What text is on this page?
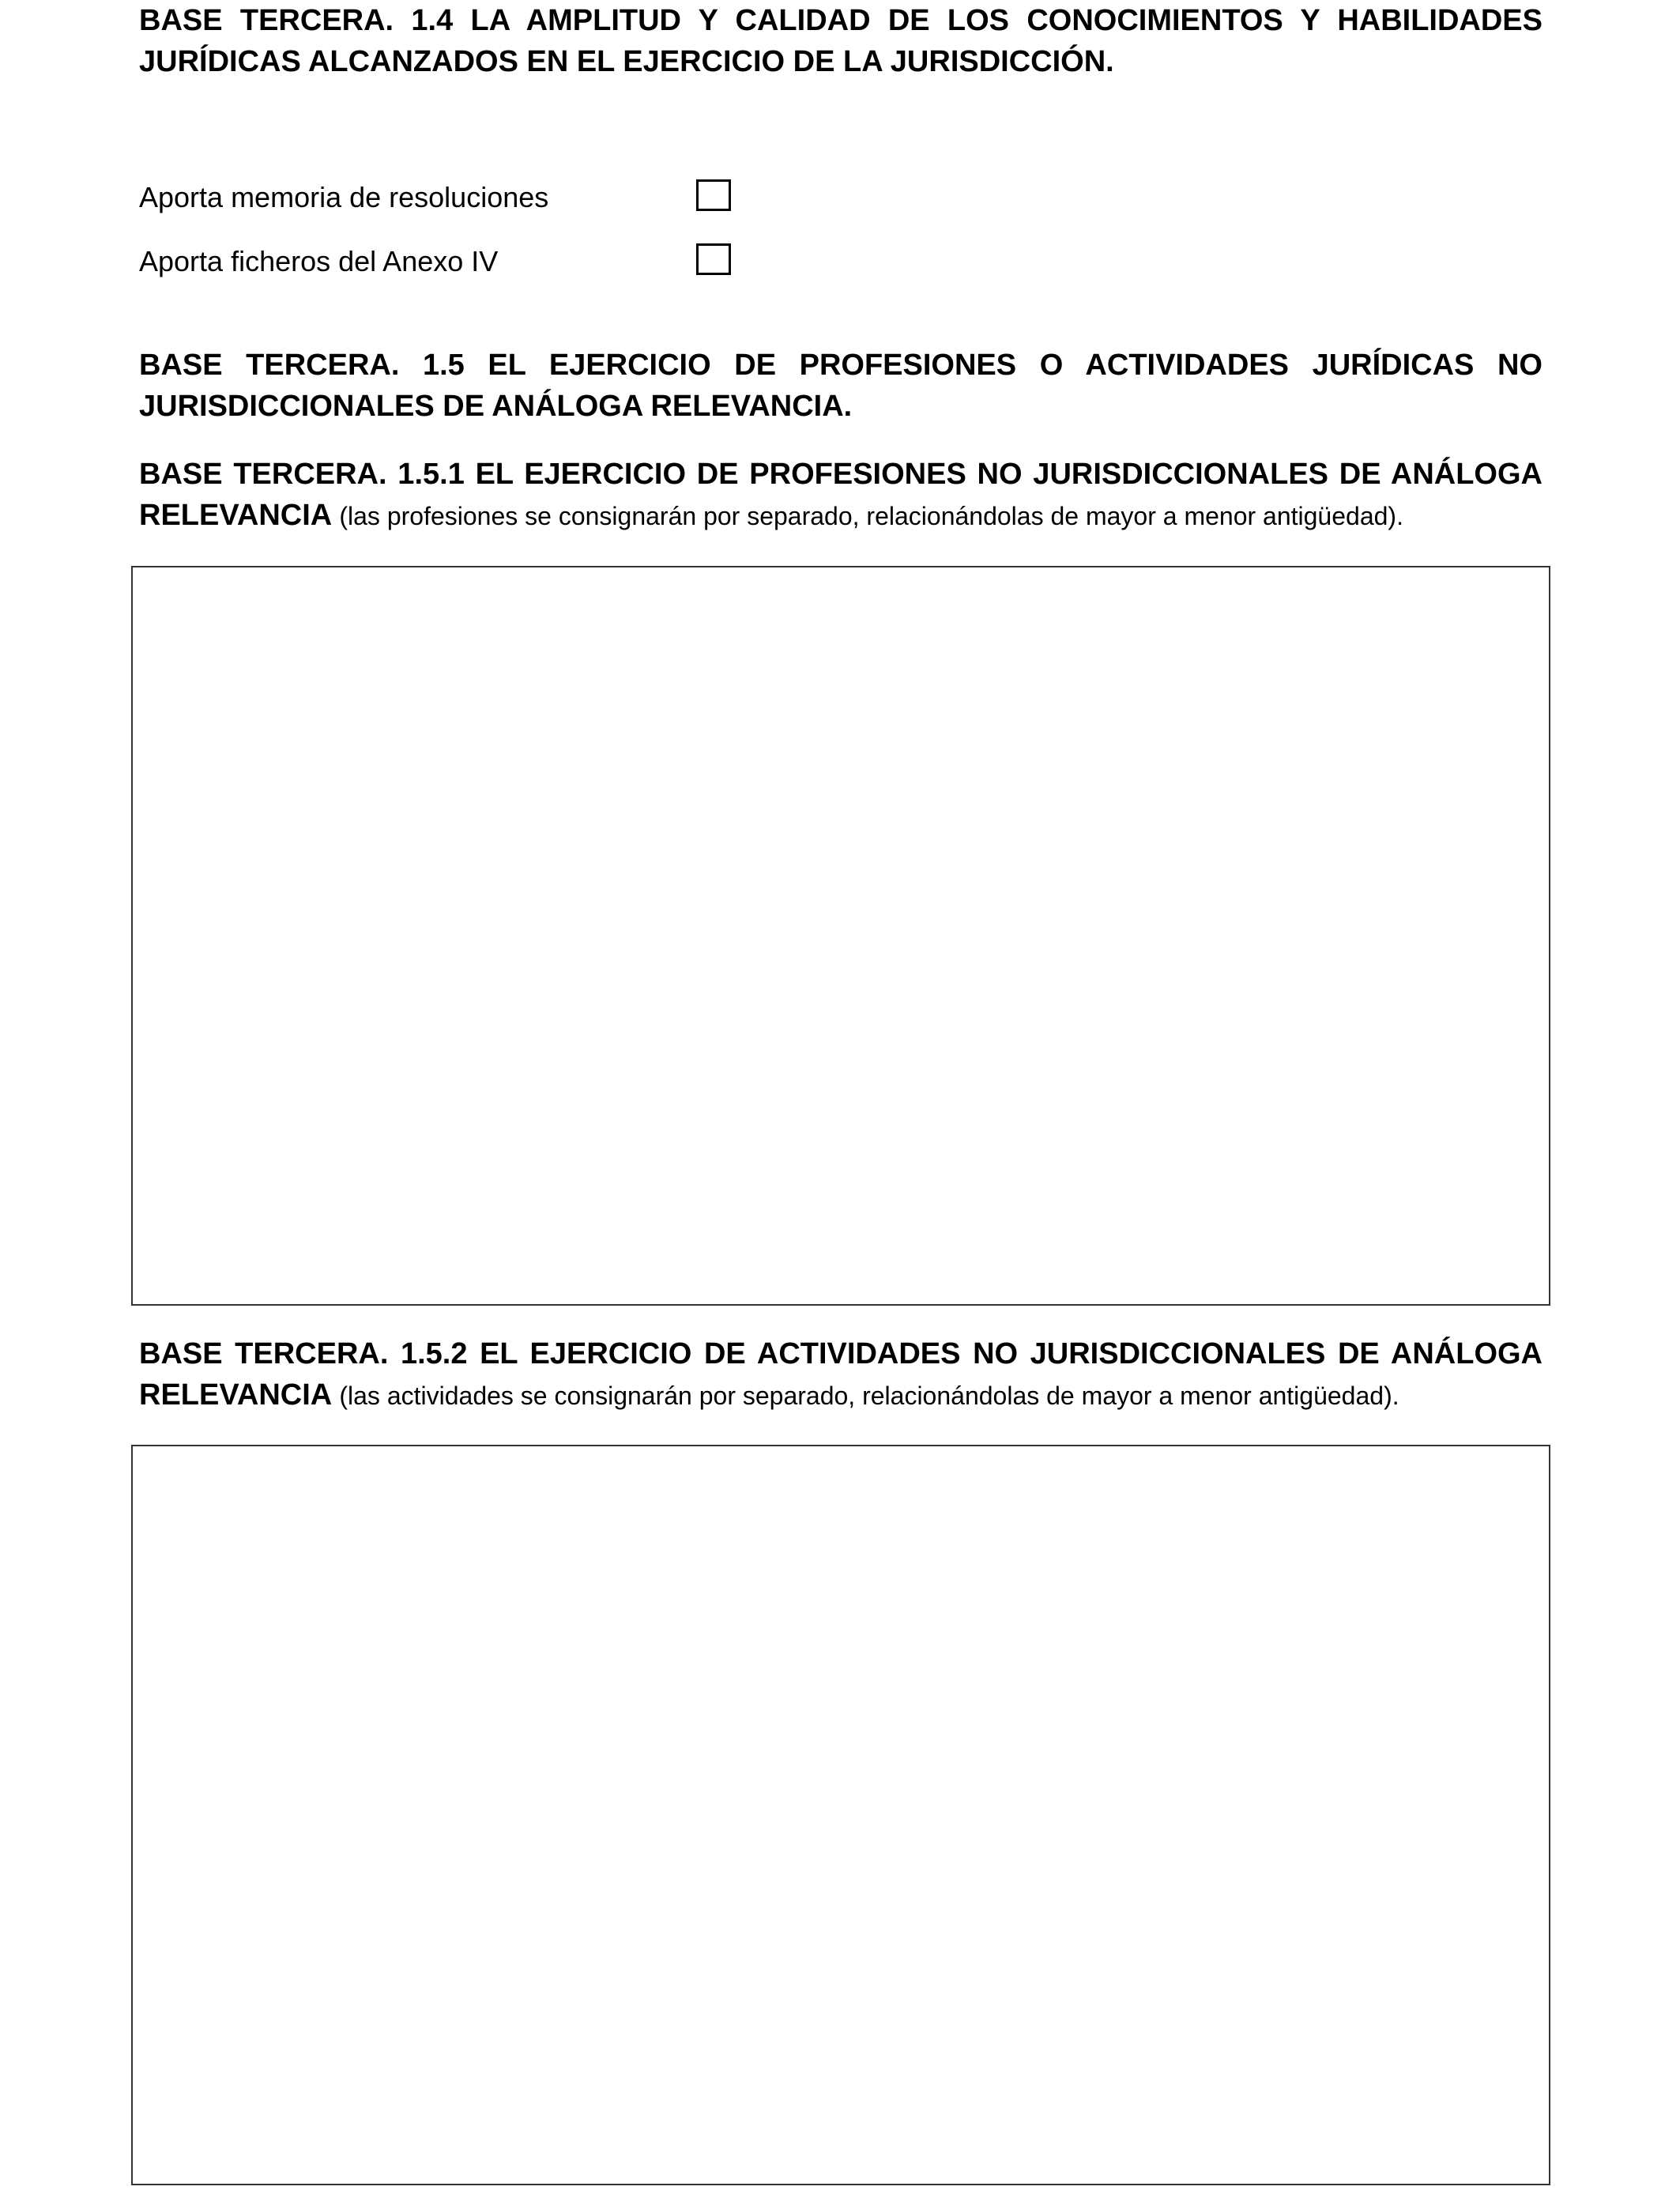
BASE TERCERA. 1.4 LA AMPLITUD Y CALIDAD DE LOS CONOCIMIENTOS Y HABILIDADES JURÍDICAS ALCANZADOS EN EL EJERCICIO DE LA JURISDICCIÓN.

Aporta memoria de resoluciones
Aporta ficheros del Anexo IV

BASE TERCERA. 1.5 EL EJERCICIO DE PROFESIONES O ACTIVIDADES JURÍDICAS NO JURISDICCIONALES DE ANÁLOGA RELEVANCIA.

BASE TERCERA. 1.5.1 EL EJERCICIO DE PROFESIONES NO JURISDICCIONALES DE ANÁLOGA RELEVANCIA (las profesiones se consignarán por separado, relacionándolas de mayor a menor antigüedad).

BASE TERCERA. 1.5.2 EL EJERCICIO DE ACTIVIDADES NO JURISDICCIONALES DE ANÁLOGA RELEVANCIA (las actividades se consignarán por separado, relacionándolas de mayor a menor antigüedad).
